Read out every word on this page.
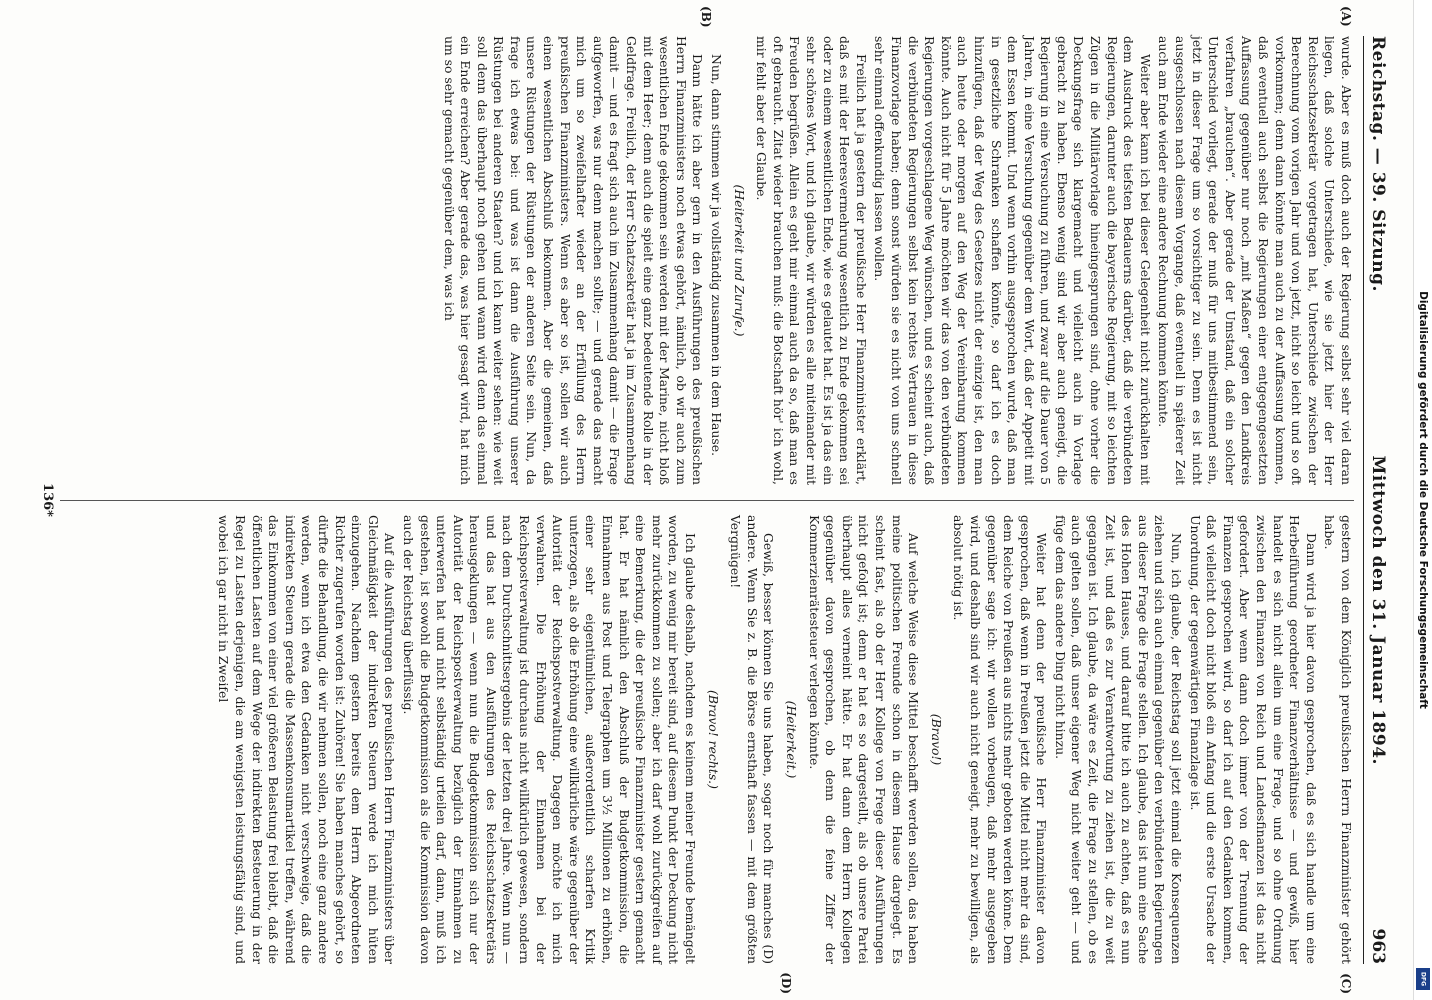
Reichstag. — 39. Sitzung.
Mittwoch den 31. Januar 1894.
963
(A)
(B)

wurde. Aber es muß doch auch der Regierung selbst sehr viel daran liegen, daß solche Unterschiede, wie sie jetzt hier der Herr Reichsschatzsekretär vorgetragen hat, Unterschiede zwischen der Berechnung vom vorigen Jahr und von jetzt, nicht so leicht und so oft vorkommen; denn dann könnte man auch zu der Auffassung kommen, daß eventuell auch selbst die Regierungen einer entgegengesetzten Auffassung gegenüber nur noch „mit Maßen“ gegen den Landkreis verfahren „brauchen“. Aber gerade der Umstand, daß ein solcher Unterschied vorliegt, gerade der muß für uns mitbestimmend sein, jetzt in dieser Frage um so vorsichtiger zu sein. Denn es ist nicht ausgeschlossen nach diesem Vorgange, daß eventuell in späterer Zeit auch am Ende wieder eine andere Rechnung kommen könnte.

Weiter aber kann ich bei dieser Gelegenheit nicht zurückhalten mit dem Ausdruck des tiefsten Bedauerns darüber, daß die verbündeten Regierungen, darunter auch die bayerische Regierung, mit so leichten Zügen in die Militärvorlage hineingesprungen sind, ohne vorher die Deckungsfrage sich klargemacht und vielleicht auch in Vorlage gebracht zu haben. Ebenso wenig sind wir aber auch geneigt, die Regierung in eine Versuchung zu führen, und zwar auf die Dauer von 5 Jahren, in eine Versuchung gegenüber dem Wort, daß der Appetit mit dem Essen kommt. Und wenn vorhin ausgesprochen wurde, daß man in gesetzliche Schranken schaffen könnte, so darf ich es doch hinzufügen, daß der Weg des Gesetzes nicht der einzige ist, den man auch heute oder morgen auf den Weg der Vereinbarung kommen könnte. Auch nicht für 5 Jahre möchten wir das von den verbündeten Regierungen vorgeschlagene Weg wünschen, und es scheint auch, daß die verbündeten Regierungen selbst kein rechtes Vertrauen in diese Finanzvorlage haben; denn sonst würden sie es nicht von uns schnell sehr einmal offenkundig lassen wollen.

Freilich hat ja gestern der preußische Herr Finanzminister erklärt, daß es mit der Heeresvermehrung wesentlich zu Ende gekommen sei oder zu einem wesentlichen Ende, wie es gelautet hat. Es ist ja das ein sehr schönes Wort, und ich glaube, wir würden es alle miteinander mit Freuden begrüßen. Allein es geht mir einmal auch da so, daß man es oft gebraucht. Zitat wieder brauchen muß: die Botschaft hör' ich wohl, mir fehlt aber der Glaube.

(Heiterkeit und Zurufe.)

Nun, dann stimmen wir ja vollständig zusammen in dem Hause.

Dann hätte ich aber gern in den Ausführungen des preußischen Herrn Finanzministers noch etwas gehört, nämlich, ob wir auch zum wesentlichen Ende gekommen sein werden mit der Marine, nicht bloß mit dem Heer; denn auch die spielt eine ganz bedeutende Rolle in der Geldfrage. Freilich, der Herr Schatzsekretär hat ja im Zusammenhang damit — und es fragt sich auch im Zusammenhang damit — die Frage aufgeworfen, was nur denn machen sollte; — und gerade das macht mich um so zweifelhafter wieder an der Erfüllung des Herrn preußischen Finanzministers. Wenn es aber so ist, sollen wir auch einen wesentlichen Abschluß bekommen. Aber die gemeinen, daß unsere Rüstungen der Rüstungen der anderen Seite sein. Nun, da frage ich etwas bei: und was ist dann die Ausführung unserer Rüstungen bei anderen Staaten? und ich kann weiter sehen: wie weit soll denn das überhaupt noch gehen und wann wird denn das einmal ein Ende erreichen? Aber gerade das, was hier gesagt wird, hat mich um so sehr gemacht gegenüber dem, was ich

(C)
(D)

gestern von dem Königlich preußischen Herrn Finanzminister gehört habe.

Dann wird ja hier davon gesprochen, daß es sich handle um eine Herbeiführung geordneter Finanzverhältnisse — und gewiß, hier handelt es sich nicht allein um eine Frage, und so ohne Ordnung zwischen den Finanzen von Reich und Landesfinanzen ist das nicht gefordert. Aber wenn dann doch immer von der Trennung der Finanzen gesprochen wird, so darf ich auf den Gedanken kommen, daß vielleicht doch nicht bloß ein Anfang und die erste Ursache der Unordnung, der gegenwärtigen Finanzlage ist.

Nun, ich glaube, der Reichstag soll jetzt einmal die Konsequenzen ziehen und sich auch einmal gegenüber den verbündeten Regierungen aus dieser Frage die Frage stellen. Ich glaube, das ist nun eine Sache des Hohen Hauses, und darauf bitte ich auch zu achten, daß es nun Zeit ist, und daß es zur Verantwortung zu ziehen ist, die zu weit gegangen ist. Ich glaube, da wäre es Zeit, die Frage zu stellen, ob es auch gelten sollen, daß unser eigener Weg nicht weiter geht — und füge dem das andere Ding nicht hinzu.

Weiter hat denn der preußische Herr Finanzminister davon gesprochen, daß wenn in Preußen jetzt die Mittel nicht mehr da sind, dem Reiche von Preußen aus nichts mehr geboten werden könne. Dem gegenüber sage ich: wir wollen vorbeugen, daß mehr ausgegeben wird, und deshalb sind wir auch nicht geneigt, mehr zu bewilligen, als absolut nötig ist.

(Bravo!)

Auf welche Weise diese Mittel beschafft werden sollen, das haben meine politischen Freunde schon in diesem Hause dargelegt. Es scheint fast, als ob der Herr Kollege von Frege dieser Ausführungen nicht gefolgt ist; denn er hat es so dargestellt, als ob unsere Partei überhaupt alles verneint hätte. Er hat dann dem Herrn Kollegen gegenüber davon gesprochen, ob denn die feine Ziffer der Kommerzienrätesteuer verlegen könnte.

(Heiterkeit.)

Gewiß, besser können Sie uns haben, sogar noch für manches (D) andere. Wenn Sie z. B. die Börse ernsthaft fassen — mit dem größten Vergnügen!

(Bravo! rechts.)

Ich glaube deshalb, nachdem es keinem meiner Freunde bemängelt worden, zu wenig mir bereit sind, auf diesem Punkt der Deckung nicht mehr zurückkommen zu sollen; aber ich darf wohl zurückgreifen auf eine Bemerkung, die der preußische Finanzminister gestern gemacht hat. Er hat nämlich den Abschluß der Budgetkommission, die Einnahmen aus Post und Telegraphen um 3½ Millionen zu erhöhen, einer sehr eigentümlichen, außerordentlich scharfen Kritik unterzogen, als ob die Erhöhung eine willkürliche wäre gegenüber der Autorität der Reichspostverwaltung. Dagegen möchte ich mich verwahren. Die Erhöhung der Einnahmen bei der Reichspostverwaltung ist durchaus nicht willkürlich gewesen, sondern nach dem Durchschnittsergebnis der letzten drei Jahre. Wenn nun — und das hat aus den Ausführungen des Reichsschatzsekretärs herausgeklungen — wenn nun die Budgetkommission sich nur der Autorität der Reichspostverwaltung bezüglich der Einnahmen zu unterwerfen hat und nicht selbständig urteilen darf, dann, muß ich gestehen, ist sowohl die Budgetkommission als die Kommission davon auch der Reichstag überflüssig.

Auf die Ausführungen des preußischen Herrn Finanzministers über Gleichmäßigkeit der indirekten Steuern werde ich mich hüten einzugehen. Nachdem gestern bereits dem Herrn Abgeordneten Richter zugerufen worden ist: Zuhören! Sie haben manches gehört, so dürfte die Behandlung, die wir nehmen sollen, noch eine ganz andere werden, wenn ich etwa den Gedanken nicht verschweige, daß die indirekten Steuern gerade die Massenkonsumartikel treffen, während das Einkommen von einer viel größeren Belastung frei bleibt, daß die öffentlichen Lasten auf dem Wege der indirekten Besteuerung in der Regel zu Lasten derjenigen, die am wenigsten leistungsfähig sind, und wobei ich gar nicht in Zweifel

136*	Digitalisierung gefördert durch die Deutsche Forschungsgemeinschaft
DFG
